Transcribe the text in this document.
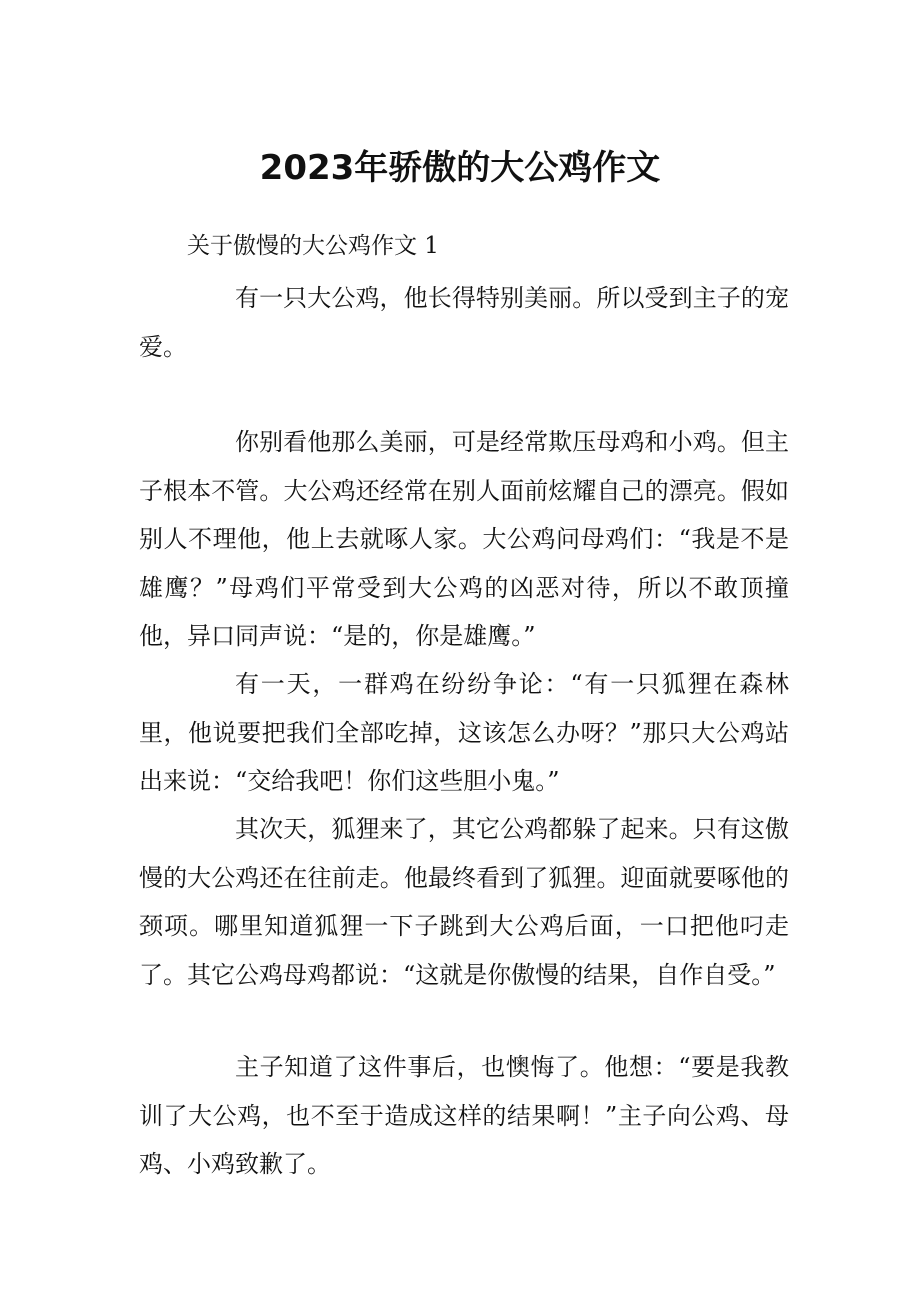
2023年骄傲的大公鸡作文

关于傲慢的大公鸡作文 1

有一只大公鸡，他长得特别美丽。所以受到主子的宠爱。

你别看他那么美丽，可是经常欺压母鸡和小鸡。但主子根本不管。大公鸡还经常在别人面前炫耀自己的漂亮。假如别人不理他，他上去就啄人家。大公鸡问母鸡们：“我是不是雄鹰？”母鸡们平常受到大公鸡的凶恶对待，所以不敢顶撞他，异口同声说：“是的，你是雄鹰。”

有一天，一群鸡在纷纷争论：“有一只狐狸在森林里，他说要把我们全部吃掉，这该怎么办呀？”那只大公鸡站出来说：“交给我吧！你们这些胆小鬼。”

其次天，狐狸来了，其它公鸡都躲了起来。只有这傲慢的大公鸡还在往前走。他最终看到了狐狸。迎面就要啄他的颈项。哪里知道狐狸一下子跳到大公鸡后面，一口把他叼走了。其它公鸡母鸡都说：“这就是你傲慢的结果，自作自受。”

主子知道了这件事后，也懊悔了。他想：“要是我教训了大公鸡，也不至于造成这样的结果啊！”主子向公鸡、母鸡、小鸡致歉了。
